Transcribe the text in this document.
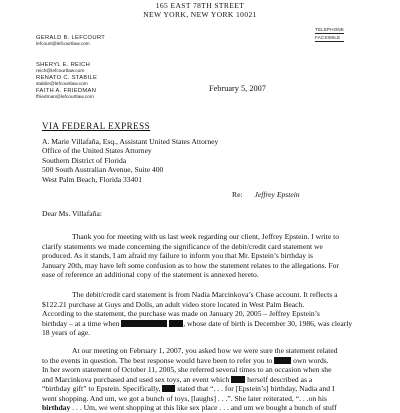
165 EAST 78TH STREET
NEW YORK, NEW YORK 10021
TELEPHONE
FACSIMILE
GERALD B. LEFCOURT
lefcourt@lefcourtlaw.com
SHERYL E. REICH
reich@lefcourtlaw.com
RENATO C. STABILE
stabile@lefcourtlaw.com
FAITH A. FRIEDMAN
ffriedman@lefcourtlaw.com
February 5, 2007
VIA FEDERAL EXPRESS
A. Marie Villafaña, Esq., Assistant United States Attorney
Office of the United States Attorney
Southern District of Florida
500 South Australian Avenue, Suite 400
West Palm Beach, Florida 33401
Re: Jeffrey Epstein
Dear Ms. Villafaña:
Thank you for meeting with us last week regarding our client, Jeffrey Epstein. I write to
clarify statements we made concerning the significance of the debit/credit card statement we
produced. As it stands, I am afraid my failure to inform you that Mr. Epstein’s birthday is
January 20th, may have left some confusion as to how the statement relates to the allegations. For
ease of reference an additional copy of the statement is annexed hereto.
The debit/credit card statement is from Nadia Marcinkova’s Chase account. It reflects a
$122.21 purchase at Guys and Dolls, an adult video store located in West Palm Beach.
According to the statement, the purchase was made on January 20, 2005 – Jeffrey Epstein’s
birthday – at a time when	, whose date of birth is December 30, 1986, was clearly
18 years of age.
At our meeting on February 1, 2007, you asked how we were sure the statement related
to the events in question. The best response would have been to refer you to	own words.
In her sworn statement of October 11, 2005, she referred several times to an occasion when she
and Marcinkova purchased and used sex toys, an event which herself described as a
“birthday gift” to Epstein. Specifically, stated that “. . . for [Epstein’s] birthday, Nadia and I
went shopping. And um, we got a bunch of toys, [laughs] . . .”. She later reiterated, “. . .on his
birthday . . . Um, we went shopping at this like sex place . . . and um we bought a bunch of stuff
